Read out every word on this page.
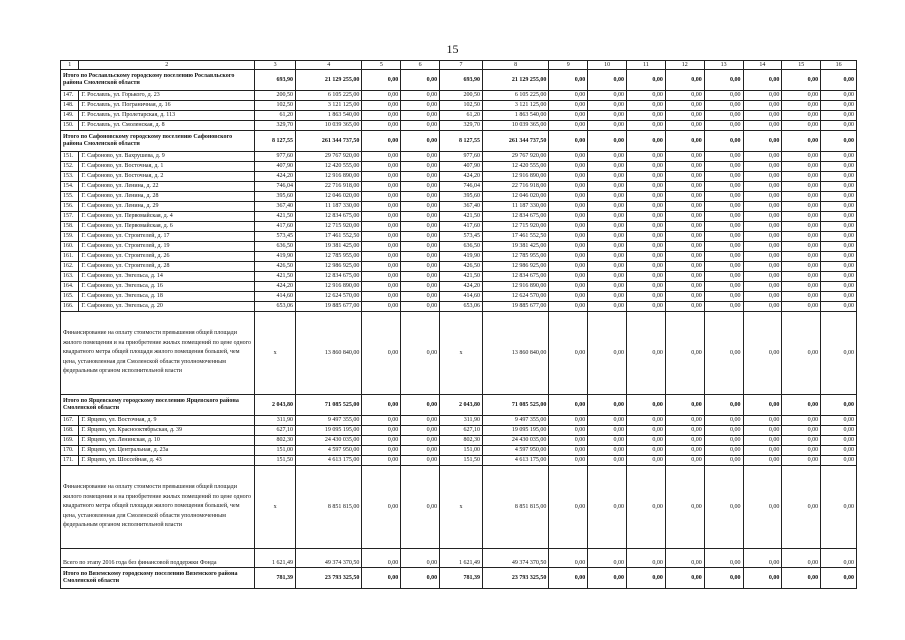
15
1	2	3	4	5	6	7	8	9	10	11	12	13	14	15	16
Итого по Рославльскому городскому поселению Рославльского района Смоленской области		693,90	21 129 255,00	0,00	0,00	693,90	21 129 255,00	0,00	0,00	0,00	0,00	0,00	0,00	0,00	0,00
147.	Г. Рославль, ул. Горького, д. 23	200,50	6 105 225,00	0,00	0,00	200,50	6 105 225,00	0,00	0,00	0,00	0,00	0,00	0,00	0,00	0,00
148.	Г. Рославль, ул. Пограничная, д. 16	102,50	3 121 125,00	0,00	0,00	102,50	3 121 125,00	0,00	0,00	0,00	0,00	0,00	0,00	0,00	0,00
149.	Г. Рославль, ул. Пролетарская, д. 113	61,20	1 863 540,00	0,00	0,00	61,20	1 863 540,00	0,00	0,00	0,00	0,00	0,00	0,00	0,00	0,00
150.	Г. Рославль, ул. Смоленская, д. 8	329,70	10 039 365,00	0,00	0,00	329,70	10 039 365,00	0,00	0,00	0,00	0,00	0,00	0,00	0,00	0,00
Итого по Сафоновскому городскому поселению Сафоновского района Смоленской области		8 127,55	261 344 737,50	0,00	0,00	8 127,55	261 344 737,50	0,00	0,00	0,00	0,00	0,00	0,00	0,00	0,00
151.	Г. Сафоново, ул. Вахрушева, д. 9	977,60	29 767 920,00	0,00	0,00	977,60	29 767 920,00	0,00	0,00	0,00	0,00	0,00	0,00	0,00	0,00
152.	Г. Сафоново, ул. Восточная, д. 1	407,90	12 420 555,00	0,00	0,00	407,90	12 420 555,00	0,00	0,00	0,00	0,00	0,00	0,00	0,00	0,00
153.	Г. Сафоново, ул. Восточная, д. 2	424,20	12 916 890,00	0,00	0,00	424,20	12 916 890,00	0,00	0,00	0,00	0,00	0,00	0,00	0,00	0,00
154.	Г. Сафоново, ул. Ленина, д. 22	746,04	22 716 918,00	0,00	0,00	746,04	22 716 918,00	0,00	0,00	0,00	0,00	0,00	0,00	0,00	0,00
155.	Г. Сафоново, ул. Ленина, д. 28	395,60	12 046 020,00	0,00	0,00	395,60	12 046 020,00	0,00	0,00	0,00	0,00	0,00	0,00	0,00	0,00
156.	Г. Сафоново, ул. Ленина, д. 29	367,40	11 187 330,00	0,00	0,00	367,40	11 187 330,00	0,00	0,00	0,00	0,00	0,00	0,00	0,00	0,00
157.	Г. Сафоново, ул. Первомайская, д. 4	421,50	12 834 675,00	0,00	0,00	421,50	12 834 675,00	0,00	0,00	0,00	0,00	0,00	0,00	0,00	0,00
158.	Г. Сафоново, ул. Первомайская, д. 6	417,60	12 715 920,00	0,00	0,00	417,60	12 715 920,00	0,00	0,00	0,00	0,00	0,00	0,00	0,00	0,00
159.	Г. Сафоново, ул. Строителей, д. 17	573,45	17 461 552,50	0,00	0,00	573,45	17 461 552,50	0,00	0,00	0,00	0,00	0,00	0,00	0,00	0,00
160.	Г. Сафоново, ул. Строителей, д. 19	636,50	19 381 425,00	0,00	0,00	636,50	19 381 425,00	0,00	0,00	0,00	0,00	0,00	0,00	0,00	0,00
161.	Г. Сафоново, ул. Строителей, д. 26	419,90	12 785 955,00	0,00	0,00	419,90	12 785 955,00	0,00	0,00	0,00	0,00	0,00	0,00	0,00	0,00
162.	Г. Сафоново, ул. Строителей, д. 28	426,50	12 986 925,00	0,00	0,00	426,50	12 986 925,00	0,00	0,00	0,00	0,00	0,00	0,00	0,00	0,00
163.	Г. Сафоново, ул. Энгельса, д. 14	421,50	12 834 675,00	0,00	0,00	421,50	12 834 675,00	0,00	0,00	0,00	0,00	0,00	0,00	0,00	0,00
164.	Г. Сафоново, ул. Энгельса, д. 16	424,20	12 916 890,00	0,00	0,00	424,20	12 916 890,00	0,00	0,00	0,00	0,00	0,00	0,00	0,00	0,00
165.	Г. Сафоново, ул. Энгельса, д. 18	414,60	12 624 570,00	0,00	0,00	414,60	12 624 570,00	0,00	0,00	0,00	0,00	0,00	0,00	0,00	0,00
166.	Г. Сафоново, ул. Энгельса, д. 20	653,06	19 885 677,00	0,00	0,00	653,06	19 885 677,00	0,00	0,00	0,00	0,00	0,00	0,00	0,00	0,00
Финансирование на оплату стоимости превышения общей площади жилого помещения и на приобретение жилых помещений по цене одного квадратного метра общей площади жилого помещения большей, чем цена, установленная для Смоленской области уполномоченным федеральным органом исполнительной власти		x	13 860 840,00	0,00	0,00	x	13 860 840,00	0,00	0,00	0,00	0,00	0,00	0,00	0,00	0,00
Итого по Ярцевскому городскому поселению Ярцевского района Смоленской области		2 043,80	71 085 525,00	0,00	0,00	2 043,80	71 085 525,00	0,00	0,00	0,00	0,00	0,00	0,00	0,00	0,00
167.	Г. Ярцево, ул. Восточная, д. 9	311,90	9 497 355,00	0,00	0,00	311,90	9 497 355,00	0,00	0,00	0,00	0,00	0,00	0,00	0,00	0,00
168.	Г. Ярцево, ул. Краснооктябрьская, д. 39	627,10	19 095 195,00	0,00	0,00	627,10	19 095 195,00	0,00	0,00	0,00	0,00	0,00	0,00	0,00	0,00
169.	Г. Ярцево, ул. Ленинская, д. 10	802,30	24 430 035,00	0,00	0,00	802,30	24 430 035,00	0,00	0,00	0,00	0,00	0,00	0,00	0,00	0,00
170.	Г. Ярцево, ул. Центральная, д. 23а	151,00	4 597 950,00	0,00	0,00	151,00	4 597 950,00	0,00	0,00	0,00	0,00	0,00	0,00	0,00	0,00
171.	Г. Ярцево, ул. Шоссейная, д. 43	151,50	4 613 175,00	0,00	0,00	151,50	4 613 175,00	0,00	0,00	0,00	0,00	0,00	0,00	0,00	0,00
Финансирование на оплату стоимости превышения общей площади жилого помещения и на приобретение жилых помещений по цене одного квадратного метра общей площади жилого помещения большей, чем цена, установленная для Смоленской области уполномоченным федеральным органом исполнительной власти		x	8 851 815,00	0,00	0,00	x	8 851 815,00	0,00	0,00	0,00	0,00	0,00	0,00	0,00	0,00
Всего по этапу 2016 года без финансовой поддержки Фонда		1 621,49	49 374 370,50	0,00	0,00	1 621,49	49 374 370,50	0,00	0,00	0,00	0,00	0,00	0,00	0,00	0,00
Итого по Вяземскому городскому поселению Вяземского района Смоленской области		781,39	23 793 325,50	0,00	0,00	781,39	23 793 325,50	0,00	0,00	0,00	0,00	0,00	0,00	0,00	0,00
